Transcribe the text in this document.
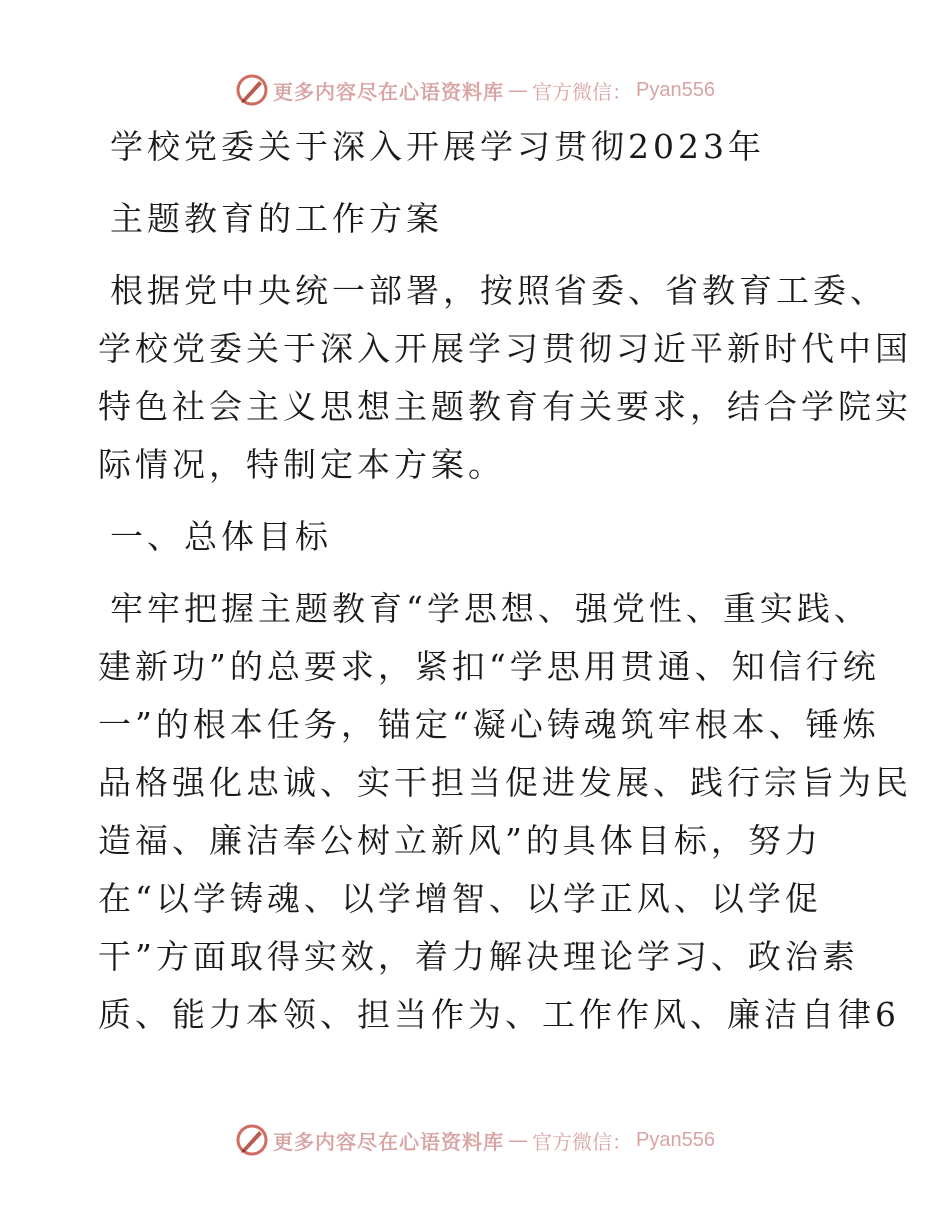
更多内容尽在心语资料库 — 官方微信： Pyan556
学校党委关于深入开展学习贯彻2023年
主题教育的工作方案
根据党中央统一部署，按照省委、省教育工委、
学校党委关于深入开展学习贯彻习近平新时代中国
特色社会主义思想主题教育有关要求，结合学院实
际情况，特制定本方案。
一、总体目标
牢牢把握主题教育“学思想、强党性、重实践、
建新功”的总要求，紧扣“学思用贯通、知信行统
一”的根本任务，锚定“凝心铸魂筑牢根本、锤炼
品格强化忠诚、实干担当促进发展、践行宗旨为民
造福、廉洁奉公树立新风”的具体目标，努力
在“以学铸魂、以学增智、以学正风、以学促
干”方面取得实效，着力解决理论学习、政治素
质、能力本领、担当作为、工作作风、廉洁自律6
更多内容尽在心语资料库 — 官方微信： Pyan556
